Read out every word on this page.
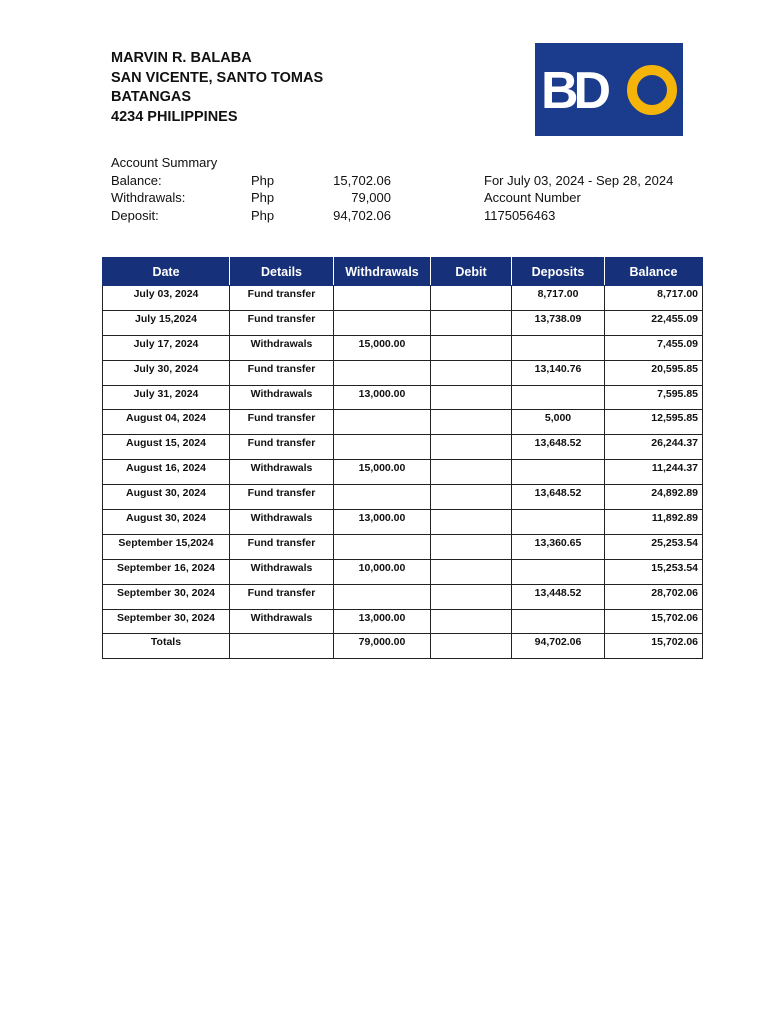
MARVIN R. BALABA
SAN VICENTE, SANTO TOMAS
BATANGAS
4234 PHILIPPINES	BD
Account Summary
Balance:	Php	15,702.06	For July 03, 2024 - Sep 28, 2024
Withdrawals:	Php	79,000	Account Number
Deposit:	Php	94,702.06	1175056463
Date	Details	Withdrawals	Debit	Deposits	Balance
July 03, 2024	Fund transfer			8,717.00	8,717.00
July 15,2024	Fund transfer			13,738.09	22,455.09
July 17, 2024	Withdrawals	15,000.00			7,455.09
July 30, 2024	Fund transfer			13,140.76	20,595.85
July 31, 2024	Withdrawals	13,000.00			7,595.85
August 04, 2024	Fund transfer			5,000	12,595.85
August 15, 2024	Fund transfer			13,648.52	26,244.37
August 16, 2024	Withdrawals	15,000.00			11,244.37
August 30, 2024	Fund transfer			13,648.52	24,892.89
August 30, 2024	Withdrawals	13,000.00			11,892.89
September 15,2024	Fund transfer			13,360.65	25,253.54
September 16, 2024	Withdrawals	10,000.00			15,253.54
September 30, 2024	Fund transfer			13,448.52	28,702.06
September 30, 2024	Withdrawals	13,000.00			15,702.06
Totals		79,000.00		94,702.06	15,702.06
